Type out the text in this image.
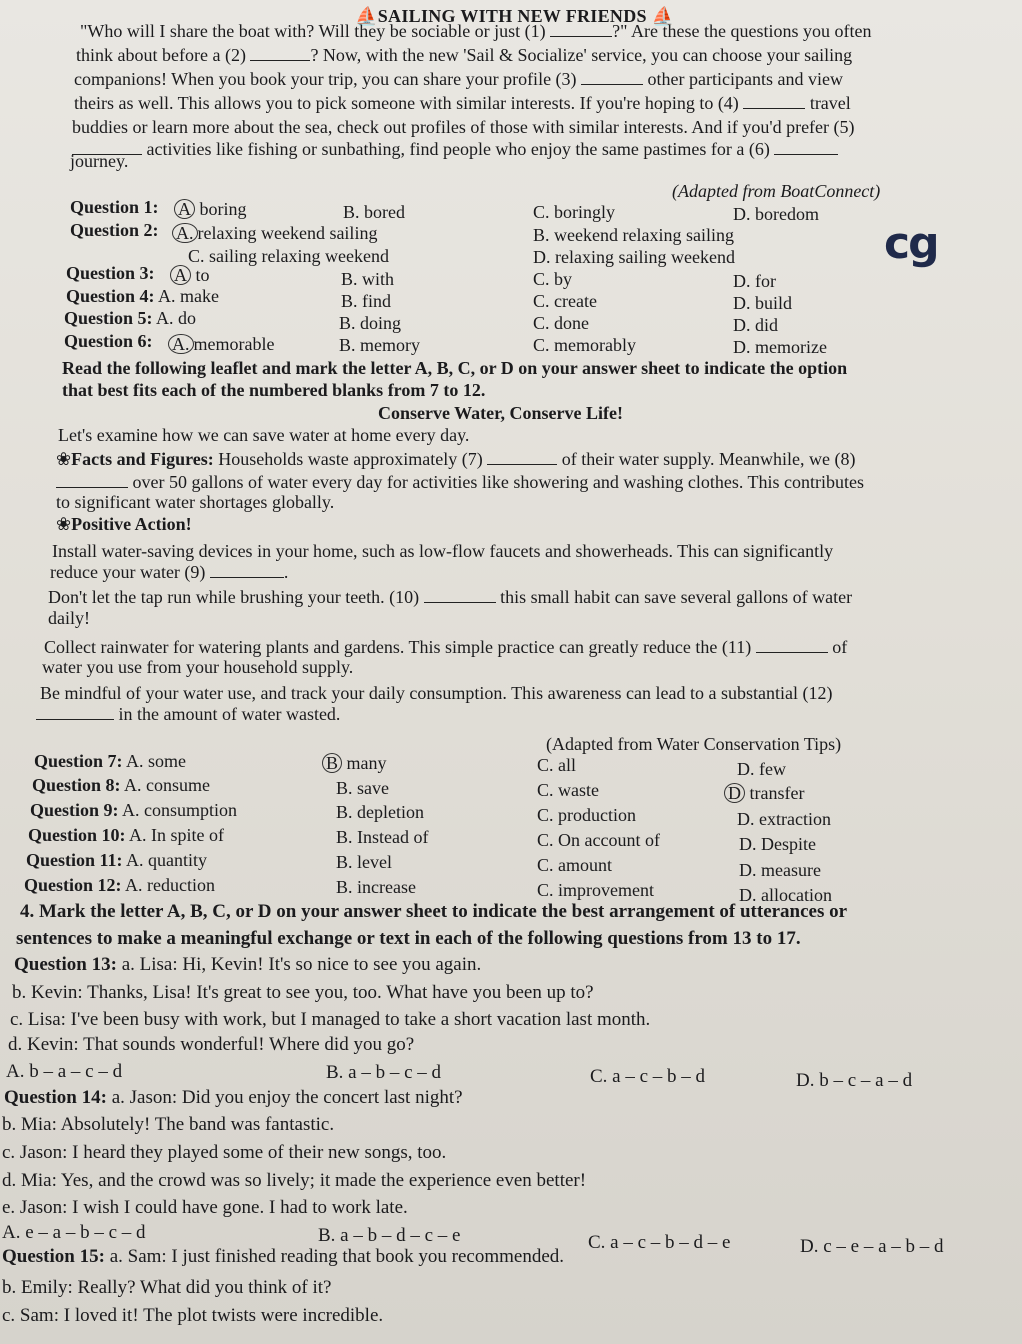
⛵SAILING WITH NEW FRIENDS ⛵
"Who will I share the boat with? Will they be sociable or just (1)	?" Are these the questions you often
think about before a (2)	? Now, with the new 'Sail & Socialize' service, you can choose your sailing
companions! When you book your trip, you can share your profile (3)	other participants and view
theirs as well. This allows you to pick someone with similar interests. If you're hoping to (4)	travel
buddies or learn more about the sea, check out profiles of those with similar interests. And if you'd prefer (5)
activities like fishing or sunbathing, find people who enjoy the same pastimes for a (6)
journey.
(Adapted from BoatConnect)
Question 1: A boring	B. bored	C. boringly	D. boredom
Question 2: A. relaxing weekend sailing	B. weekend relaxing sailing
C. sailing relaxing weekend	D. relaxing sailing weekend
Question 3: A to	B. with	C. by	D. for
Question 4: A. make	B. find	C. create	D. build
Question 5: A. do	B. doing	C. done	D. did
Question 6: A. memorable	B. memory	C. memorably	D. memorize
cg
Read the following leaflet and mark the letter A, B, C, or D on your answer sheet to indicate the option
that best fits each of the numbered blanks from 7 to 12.
Conserve Water, Conserve Life!
Let's examine how we can save water at home every day.
❀Facts and Figures: Households waste approximately (7)	of their water supply. Meanwhile, we (8)
over 50 gallons of water every day for activities like showering and washing clothes. This contributes
to significant water shortages globally.
❀Positive Action!
Install water-saving devices in your home, such as low-flow faucets and showerheads. This can significantly
reduce your water (9)	.
Don't let the tap run while brushing your teeth. (10)	this small habit can save several gallons of water
daily!
Collect rainwater for watering plants and gardens. This simple practice can greatly reduce the (11)	of
water you use from your household supply.
Be mindful of your water use, and track your daily consumption. This awareness can lead to a substantial (12)
in the amount of water wasted.
(Adapted from Water Conservation Tips)
Question 7: A. some	B many	C. all	D. few
Question 8: A. consume	B. save	C. waste	D transfer
Question 9: A. consumption	B. depletion	C. production	D. extraction
Question 10: A. In spite of	B. Instead of	C. On account of	D. Despite
Question 11: A. quantity	B. level	C. amount	D. measure
Question 12: A. reduction	B. increase	C. improvement	D. allocation
4. Mark the letter A, B, C, or D on your answer sheet to indicate the best arrangement of utterances or
sentences to make a meaningful exchange or text in each of the following questions from 13 to 17.
Question 13: a. Lisa: Hi, Kevin! It's so nice to see you again.
b. Kevin: Thanks, Lisa! It's great to see you, too. What have you been up to?
c. Lisa: I've been busy with work, but I managed to take a short vacation last month.
d. Kevin: That sounds wonderful! Where did you go?
A. b – a – c – d	B. a – b – c – d	C. a – c – b – d	D. b – c – a – d
Question 14: a. Jason: Did you enjoy the concert last night?
b. Mia: Absolutely! The band was fantastic.
c. Jason: I heard they played some of their new songs, too.
d. Mia: Yes, and the crowd was so lively; it made the experience even better!
e. Jason: I wish I could have gone. I had to work late.
A. e – a – b – c – d	B. a – b – d – c – e	C. a – c – b – d – e	D. c – e – a – b – d
Question 15: a. Sam: I just finished reading that book you recommended.
b. Emily: Really? What did you think of it?
c. Sam: I loved it! The plot twists were incredible.
